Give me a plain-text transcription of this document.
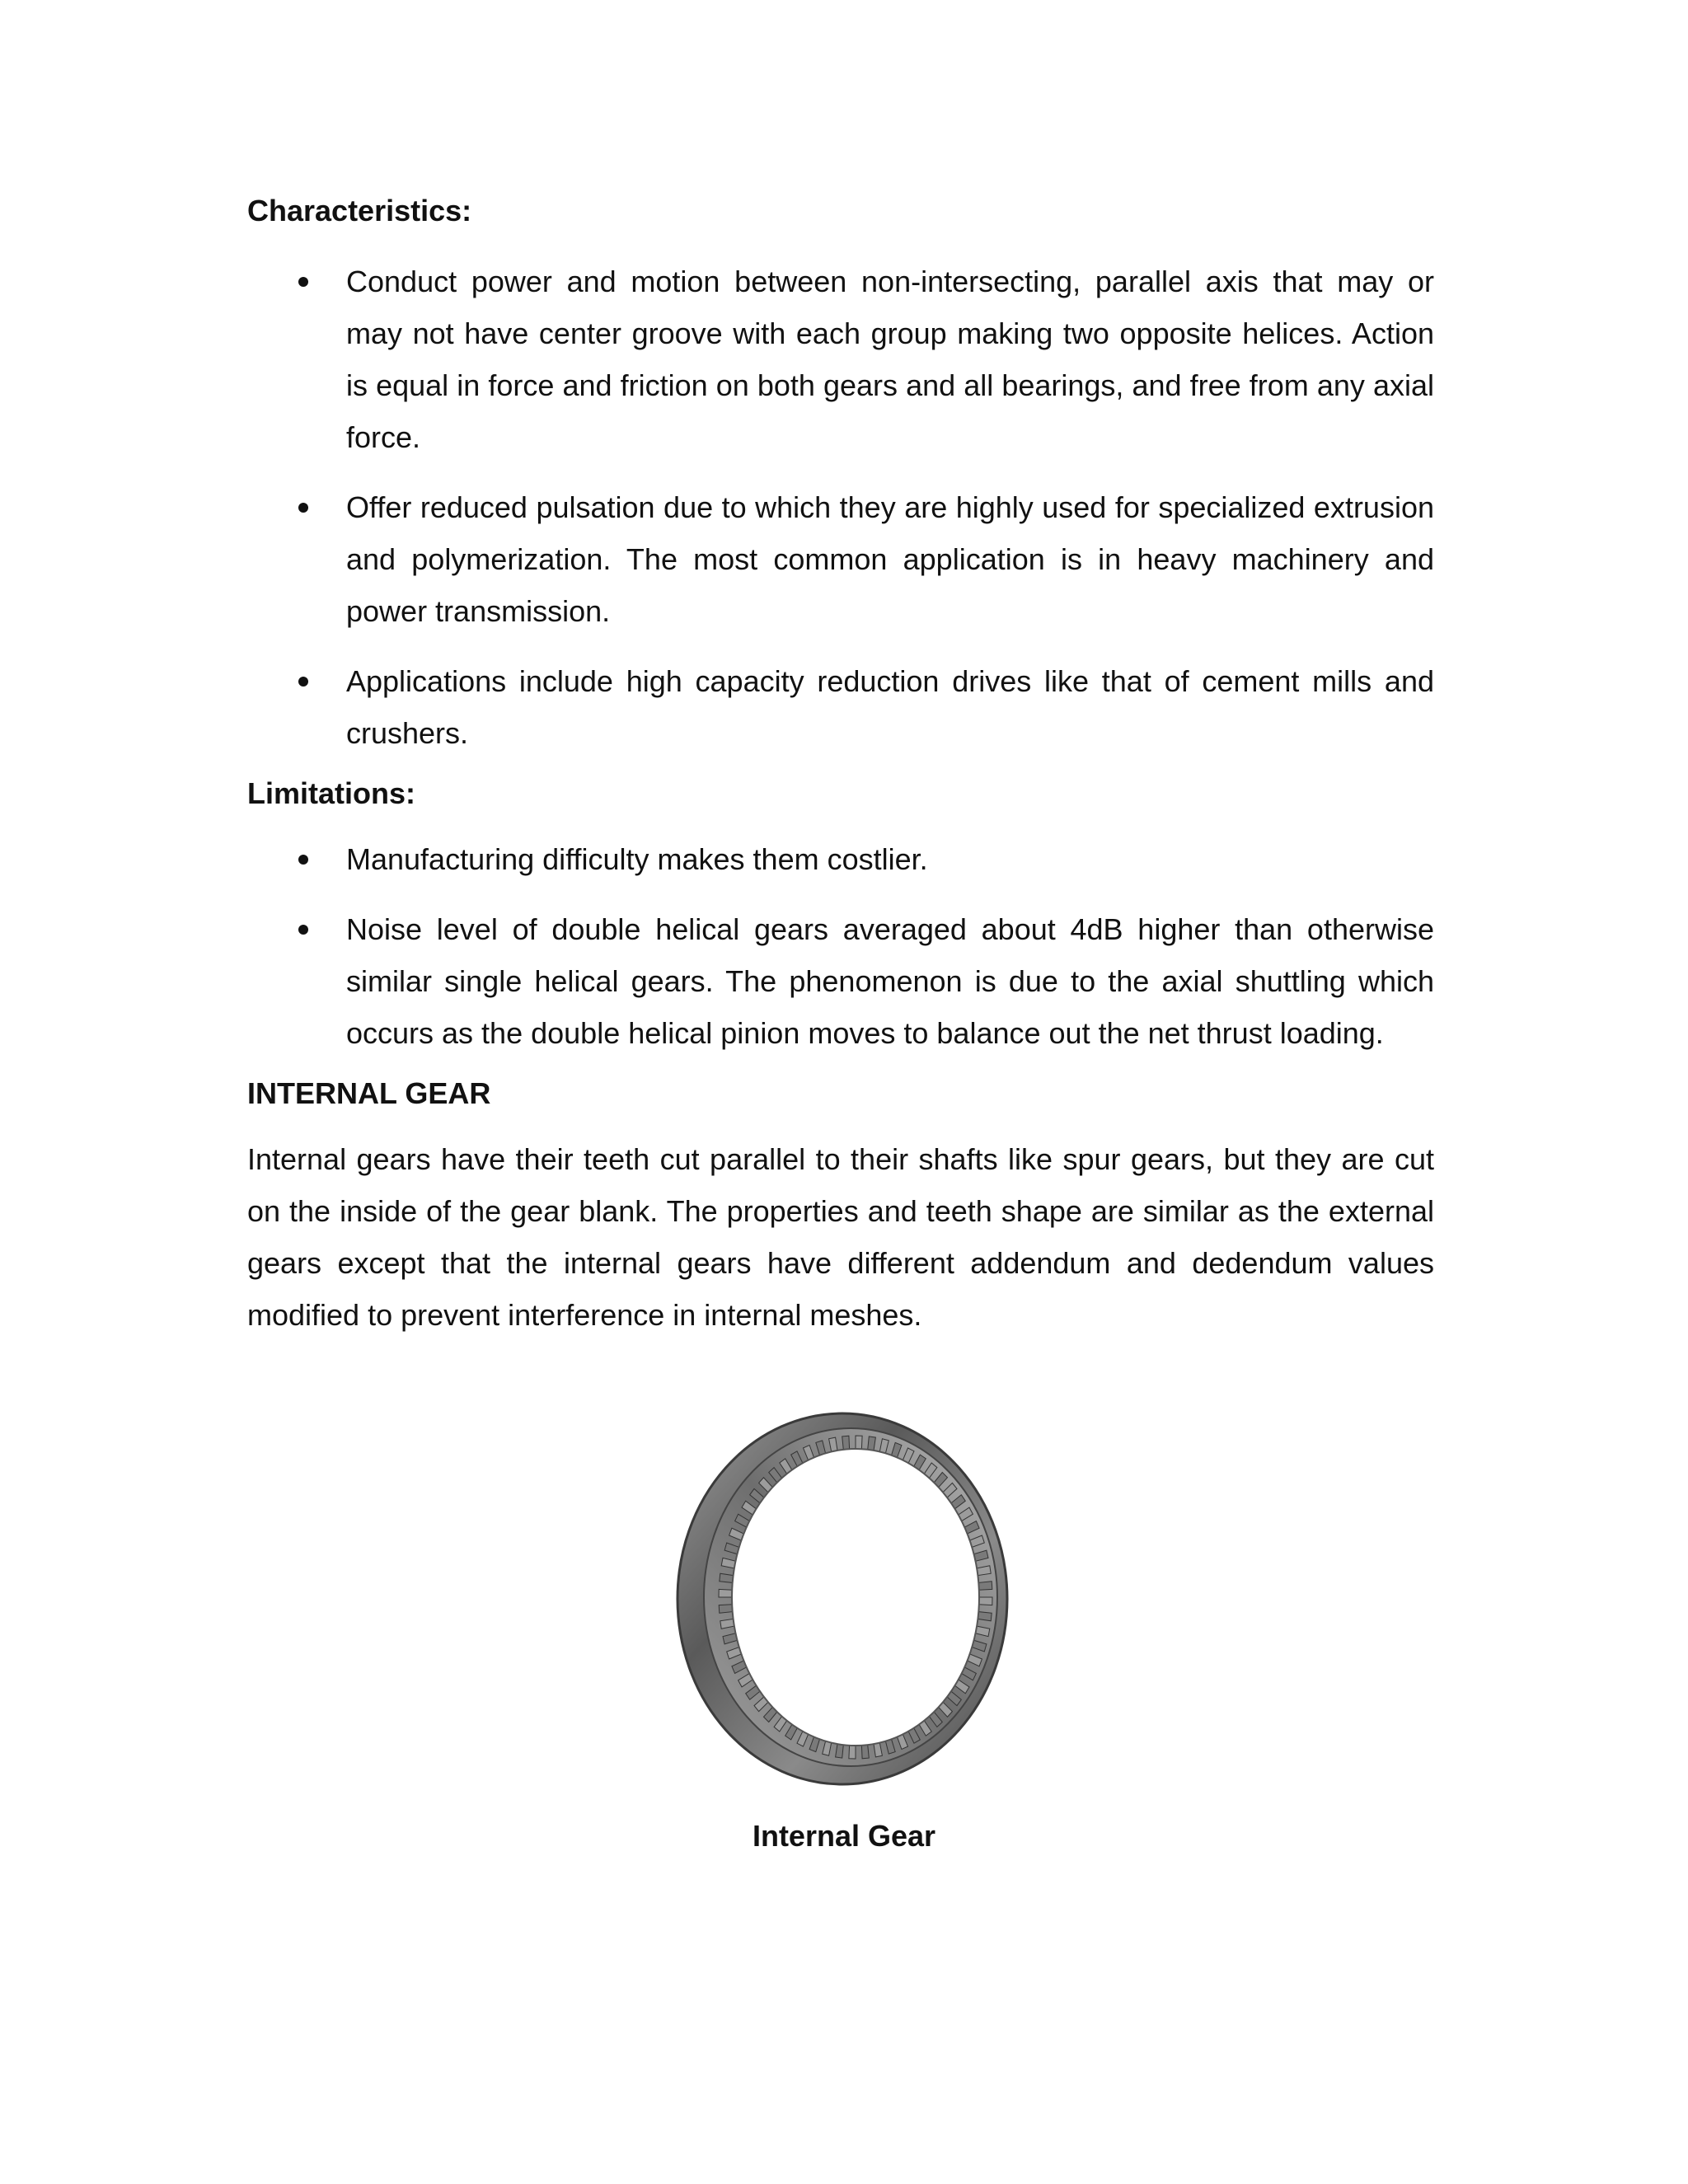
Characteristics:

Conduct power and motion between non-intersecting, parallel axis that may or may not have center groove with each group making two opposite helices. Action is equal in force and friction on both gears and all bearings, and free from any axial force.
Offer reduced pulsation due to which they are highly used for specialized extrusion and polymerization. The most common application is in heavy machinery and power transmission.
Applications include high capacity reduction drives like that of cement mills and crushers.

Limitations:

Manufacturing difficulty makes them costlier.
Noise level of double helical gears averaged about 4dB higher than otherwise similar single helical gears. The phenomenon is due to the axial shuttling which occurs as the double helical pinion moves to balance out the net thrust loading.

INTERNAL GEAR

Internal gears have their teeth cut parallel to their shafts like spur gears, but they are cut on the inside of the gear blank. The properties and teeth shape are similar as the external gears except that the internal gears have different addendum and dedendum values modified to prevent interference in internal meshes.

Internal Gear
